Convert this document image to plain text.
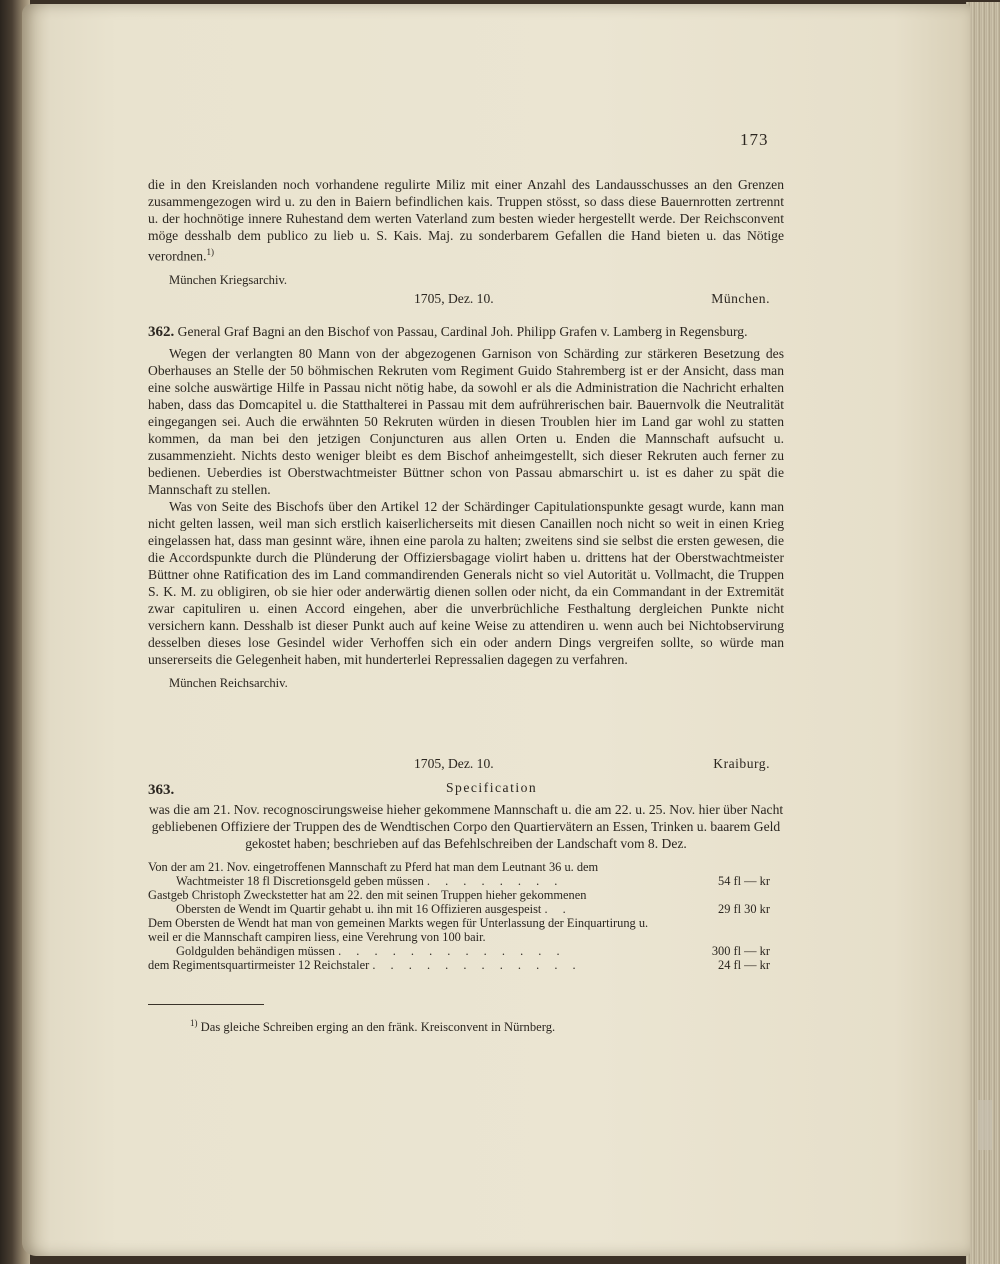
173

die in den Kreislanden noch vorhandene regulirte Miliz mit einer Anzahl des Landausschusses an den Grenzen zusammengezogen wird u. zu den in Baiern befindlichen kais. Truppen stösst, so dass diese Bauernrotten zertrennt u. der hochnötige innere Ruhestand dem werten Vaterland zum besten wieder hergestellt werde. Der Reichsconvent möge desshalb dem publico zu lieb u. S. Kais. Maj. zu sonderbarem Gefallen die Hand bieten u. das Nötige verordnen.$^{1)}$

München Kriegsarchiv.

1705, Dez. 10.	München.

362. General Graf Bagni an den Bischof von Passau, Cardinal Joh. Philipp Grafen v. Lamberg in Regensburg.

Wegen der verlangten 80 Mann von der abgezogenen Garnison von Schärding zur stärkeren Besetzung des Oberhauses an Stelle der 50 böhmischen Rekruten vom Regiment Guido Stahremberg ist er der Ansicht, dass man eine solche auswärtige Hilfe in Passau nicht nötig habe, da sowohl er als die Administration die Nachricht erhalten haben, dass das Domcapitel u. die Statthalterei in Passau mit dem aufrührerischen bair. Bauernvolk die Neutralität eingegangen sei. Auch die erwähnten 50 Rekruten würden in diesen Troublen hier im Land gar wohl zu statten kommen, da man bei den jetzigen Conjuncturen aus allen Orten u. Enden die Mannschaft aufsucht u. zusammenzieht. Nichts desto weniger bleibt es dem Bischof anheimgestellt, sich dieser Rekruten auch ferner zu bedienen. Ueberdies ist Oberstwachtmeister Büttner schon von Passau abmarschirt u. ist es daher zu spät die Mannschaft zu stellen.

Was von Seite des Bischofs über den Artikel 12 der Schärdinger Capitulationspunkte gesagt wurde, kann man nicht gelten lassen, weil man sich erstlich kaiserlicherseits mit diesen Canaillen noch nicht so weit in einen Krieg eingelassen hat, dass man gesinnt wäre, ihnen eine parola zu halten; zweitens sind sie selbst die ersten gewesen, die die Accordspunkte durch die Plünderung der Offiziersbagage violirt haben u. drittens hat der Oberstwachtmeister Büttner ohne Ratification des im Land commandirenden Generals nicht so viel Autorität u. Vollmacht, die Truppen S. K. M. zu obligiren, ob sie hier oder anderwärtig dienen sollen oder nicht, da ein Commandant in der Extremität zwar capituliren u. einen Accord eingehen, aber die unverbrüchliche Festhaltung dergleichen Punkte nicht versichern kann. Desshalb ist dieser Punkt auch auf keine Weise zu attendiren u. wenn auch bei Nichtobservirung desselben dieses lose Gesindel wider Verhoffen sich ein oder andern Dings vergreifen sollte, so würde man unsererseits die Gelegenheit haben, mit hunderterlei Repressalien dagegen zu verfahren.

München Reichsarchiv.

1705, Dez. 10.	Kraiburg.
363.	Specification

was die am 21. Nov. recognoscirungsweise hieher gekommene Mannschaft u. die am 22. u. 25. Nov. hier über Nacht gebliebenen Offiziere der Truppen des de Wendtischen Corpo den Quartiervätern an Essen, Trinken u. baarem Geld gekostet haben; beschrieben auf das Befehlschreiben der Landschaft vom 8. Dez.

Von der am 21. Nov. eingetroffenen Mannschaft zu Pferd hat man dem Leutnant 36 u. dem
Wachtmeister 18 fl Discretionsgeld geben müssen . . . . . . . .	54 fl — kr

Gastgeb Christoph Zweckstetter hat am 22. den mit seinen Truppen hieher gekommenen
Obersten de Wendt im Quartir gehabt u. ihn mit 16 Offizieren ausgespeist . .	29 fl 30 kr

Dem Obersten de Wendt hat man von gemeinen Markts wegen für Unterlassung der Einquartirung u. weil er die Mannschaft campiren liess, eine Verehrung von 100 bair.
Goldgulden behändigen müssen . . . . . . . . . . . . .	300 fl — kr

dem Regimentsquartirmeister 12 Reichstaler . . . . . . . . . . . .	24 fl — kr

$^{1)}$ Das gleiche Schreiben erging an den fränk. Kreisconvent in Nürnberg.
